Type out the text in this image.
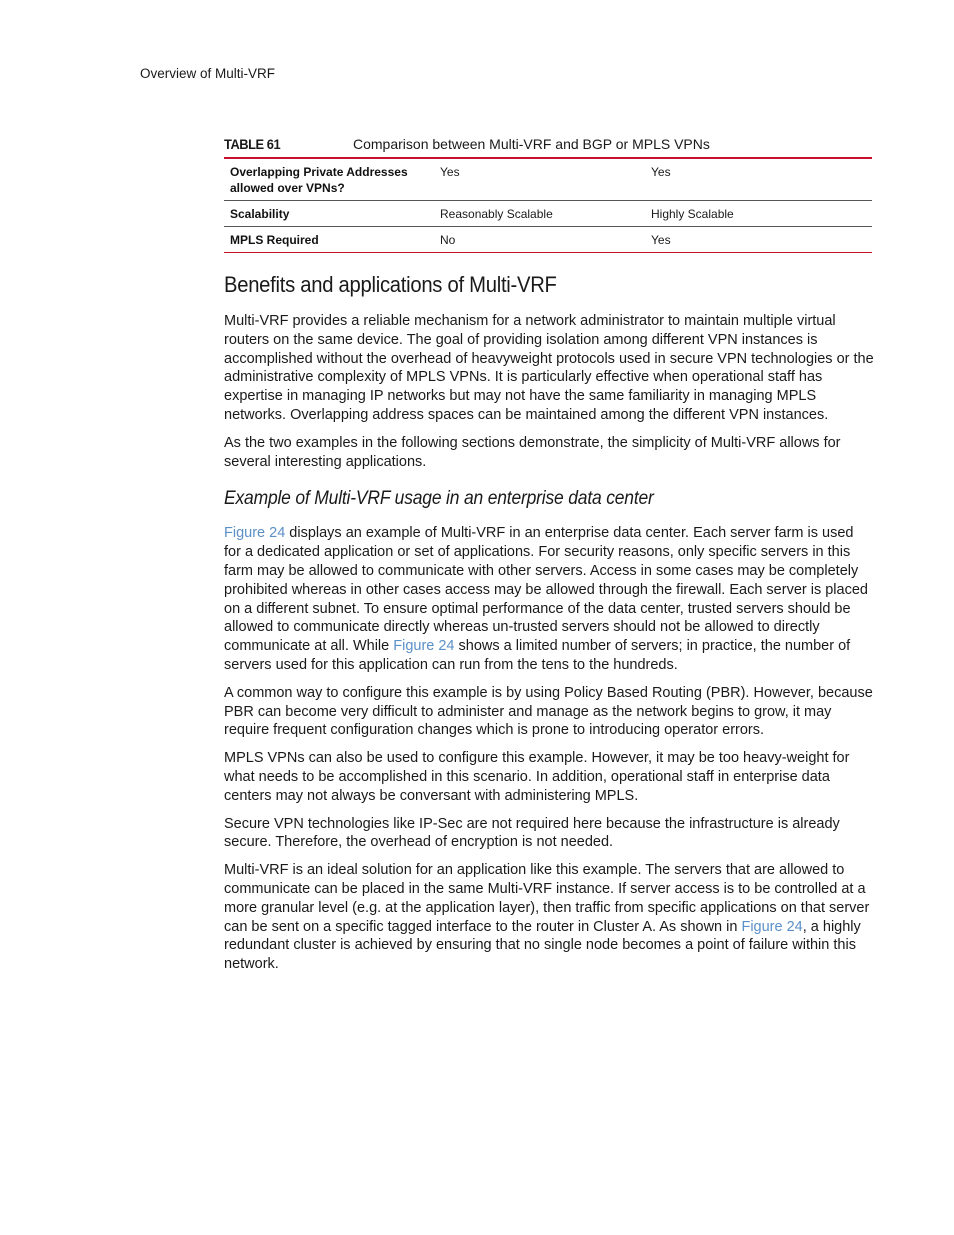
Overview of Multi-VRF
TABLE 61	Comparison between Multi-VRF and BGP or MPLS VPNs
Overlapping Private Addresses allowed over VPNs?	Yes	Yes
Scalability	Reasonably Scalable	Highly Scalable
MPLS Required	No	Yes
Benefits and applications of Multi-VRF

Multi-VRF provides a reliable mechanism for a network administrator to maintain multiple virtual routers on the same device. The goal of providing isolation among different VPN instances is accomplished without the overhead of heavyweight protocols used in secure VPN technologies or the administrative complexity of MPLS VPNs. It is particularly effective when operational staff has expertise in managing IP networks but may not have the same familiarity in managing MPLS networks. Overlapping address spaces can be maintained among the different VPN instances.

As the two examples in the following sections demonstrate, the simplicity of Multi-VRF allows for several interesting applications.

Example of Multi-VRF usage in an enterprise data center

Figure 24 displays an example of Multi-VRF in an enterprise data center. Each server farm is used for a dedicated application or set of applications. For security reasons, only specific servers in this farm may be allowed to communicate with other servers. Access in some cases may be completely prohibited whereas in other cases access may be allowed through the firewall. Each server is placed on a different subnet. To ensure optimal performance of the data center, trusted servers should be allowed to communicate directly whereas un-trusted servers should not be allowed to directly communicate at all. While Figure 24 shows a limited number of servers; in practice, the number of servers used for this application can run from the tens to the hundreds.

A common way to configure this example is by using Policy Based Routing (PBR). However, because PBR can become very difficult to administer and manage as the network begins to grow, it may require frequent configuration changes which is prone to introducing operator errors.

MPLS VPNs can also be used to configure this example. However, it may be too heavy-weight for what needs to be accomplished in this scenario. In addition, operational staff in enterprise data centers may not always be conversant with administering MPLS.

Secure VPN technologies like IP-Sec are not required here because the infrastructure is already secure. Therefore, the overhead of encryption is not needed.

Multi-VRF is an ideal solution for an application like this example. The servers that are allowed to communicate can be placed in the same Multi-VRF instance. If server access is to be controlled at a more granular level (e.g. at the application layer), then traffic from specific applications on that server can be sent on a specific tagged interface to the router in Cluster A. As shown in Figure 24, a highly redundant cluster is achieved by ensuring that no single node becomes a point of failure within this network.
